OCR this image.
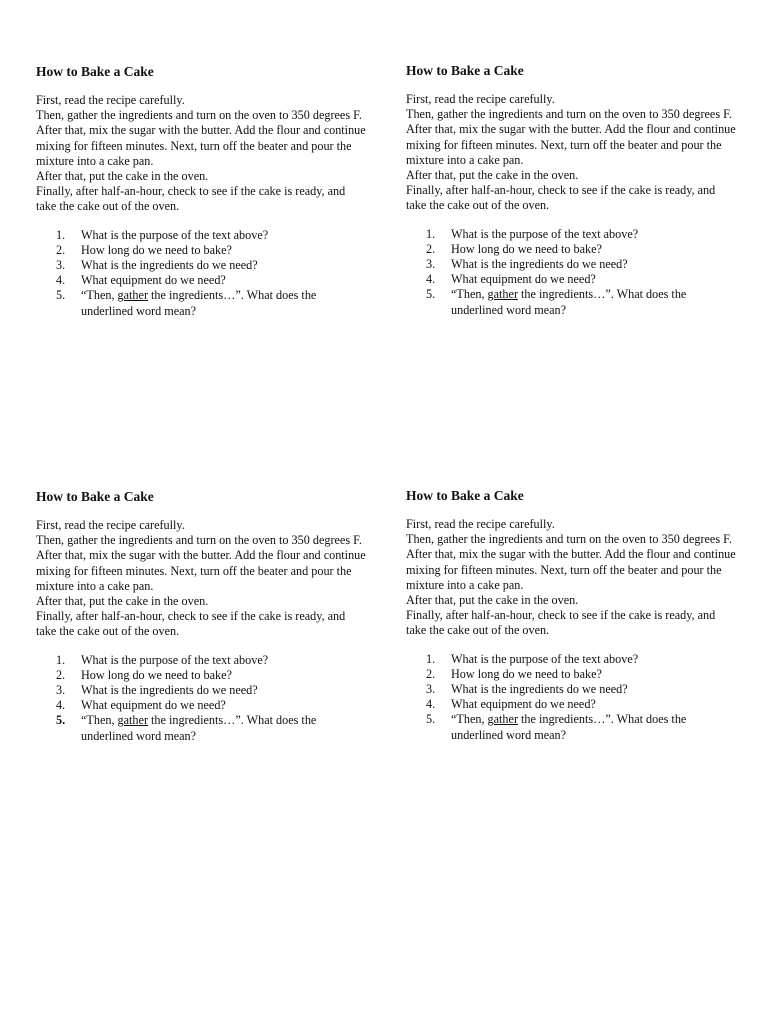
How to Bake a Cake

First, read the recipe carefully.

Then, gather the ingredients and turn on the oven to 350 degrees F.

After that, mix the sugar with the butter. Add the flour and continue mixing for fifteen minutes. Next, turn off the beater and pour the mixture into a cake pan.

After that, put the cake in the oven.

Finally, after half-an-hour, check to see if the cake is ready, and take the cake out of the oven.

1. What is the purpose of the text above?
2. How long do we need to bake?
3. What is the ingredients do we need?
4. What equipment do we need?
5. “Then, gather the ingredients…”. What does the underlined word mean?
How to Bake a Cake

First, read the recipe carefully.

Then, gather the ingredients and turn on the oven to 350 degrees F.

After that, mix the sugar with the butter. Add the flour and continue mixing for fifteen minutes. Next, turn off the beater and pour the mixture into a cake pan.

After that, put the cake in the oven.

Finally, after half-an-hour, check to see if the cake is ready, and take the cake out of the oven.

1. What is the purpose of the text above?
2. How long do we need to bake?
3. What is the ingredients do we need?
4. What equipment do we need?
5. “Then, gather the ingredients…”. What does the underlined word mean?
How to Bake a Cake

First, read the recipe carefully.

Then, gather the ingredients and turn on the oven to 350 degrees F.

After that, mix the sugar with the butter. Add the flour and continue mixing for fifteen minutes. Next, turn off the beater and pour the mixture into a cake pan.

After that, put the cake in the oven.

Finally, after half-an-hour, check to see if the cake is ready, and take the cake out of the oven.

1. What is the purpose of the text above?
2. How long do we need to bake?
3. What is the ingredients do we need?
4. What equipment do we need?
5. “Then, gather the ingredients…”. What does the underlined word mean?
How to Bake a Cake

First, read the recipe carefully.

Then, gather the ingredients and turn on the oven to 350 degrees F.

After that, mix the sugar with the butter. Add the flour and continue mixing for fifteen minutes. Next, turn off the beater and pour the mixture into a cake pan.

After that, put the cake in the oven.

Finally, after half-an-hour, check to see if the cake is ready, and take the cake out of the oven.

1. What is the purpose of the text above?
2. How long do we need to bake?
3. What is the ingredients do we need?
4. What equipment do we need?
5. “Then, gather the ingredients…”. What does the underlined word mean?
